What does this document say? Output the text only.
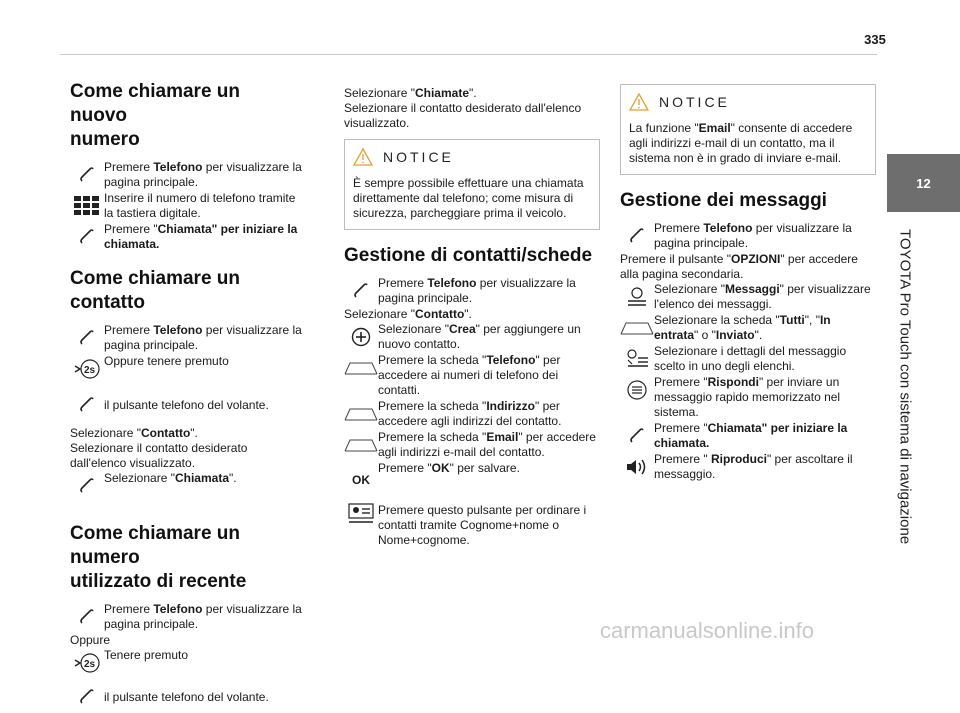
335
12
TOYOTA Pro Touch con sistema di navigazione
Come chiamare un nuovo
numero
Premere Telefono per visualizzare la pagina principale.
Inserire il numero di telefono tramite la tastiera digitale.
Premere "Chiamata" per iniziare la chiamata.
Come chiamare un contatto
Premere Telefono per visualizzare la pagina principale.
2s
Oppure tenere premuto
il pulsante telefono del volante.

Selezionare "Contatto".

Selezionare il contatto desiderato dall'elenco visualizzato.

Selezionare "Chiamata".
Come chiamare un numero
utilizzato di recente
Premere Telefono per visualizzare la pagina principale.

Oppure

2s
Tenere premuto
il pulsante telefono del volante.

Selezionare "Chiamate".

Selezionare il contatto desiderato dall'elenco visualizzato.

NOTICE
È sempre possibile effettuare una chiamata direttamente dal telefono; come misura di sicurezza, parcheggiare prima il veicolo.
Gestione di contatti/schede
Premere Telefono per visualizzare la pagina principale.

Selezionare "Contatto".

Selezionare "Crea" per aggiungere un nuovo contatto.
Premere la scheda "Telefono" per accedere ai numeri di telefono dei contatti.
Premere la scheda "Indirizzo" per accedere agli indirizzi del contatto.
Premere la scheda "Email" per accedere agli indirizzi e-mail del contatto.
OK
Premere "OK" per salvare.
Premere questo pulsante per ordinare i contatti tramite Cognome+nome o Nome+cognome.
NOTICE
La funzione "Email" consente di accedere agli indirizzi e-mail di un contatto, ma il sistema non è in grado di inviare e-mail.
Gestione dei messaggi
Premere Telefono per visualizzare la pagina principale.

Premere il pulsante "OPZIONI" per accedere alla pagina secondaria.

Selezionare "Messaggi" per visualizzare l'elenco dei messaggi.
Selezionare la scheda "Tutti", "In entrata" o "Inviato".
Selezionare i dettagli del messaggio scelto in uno degli elenchi.
Premere "Rispondi" per inviare un messaggio rapido memorizzato nel sistema.
Premere "Chiamata" per iniziare la chiamata.
Premere " Riproduci" per ascoltare il messaggio.
carmanualsonline.info
